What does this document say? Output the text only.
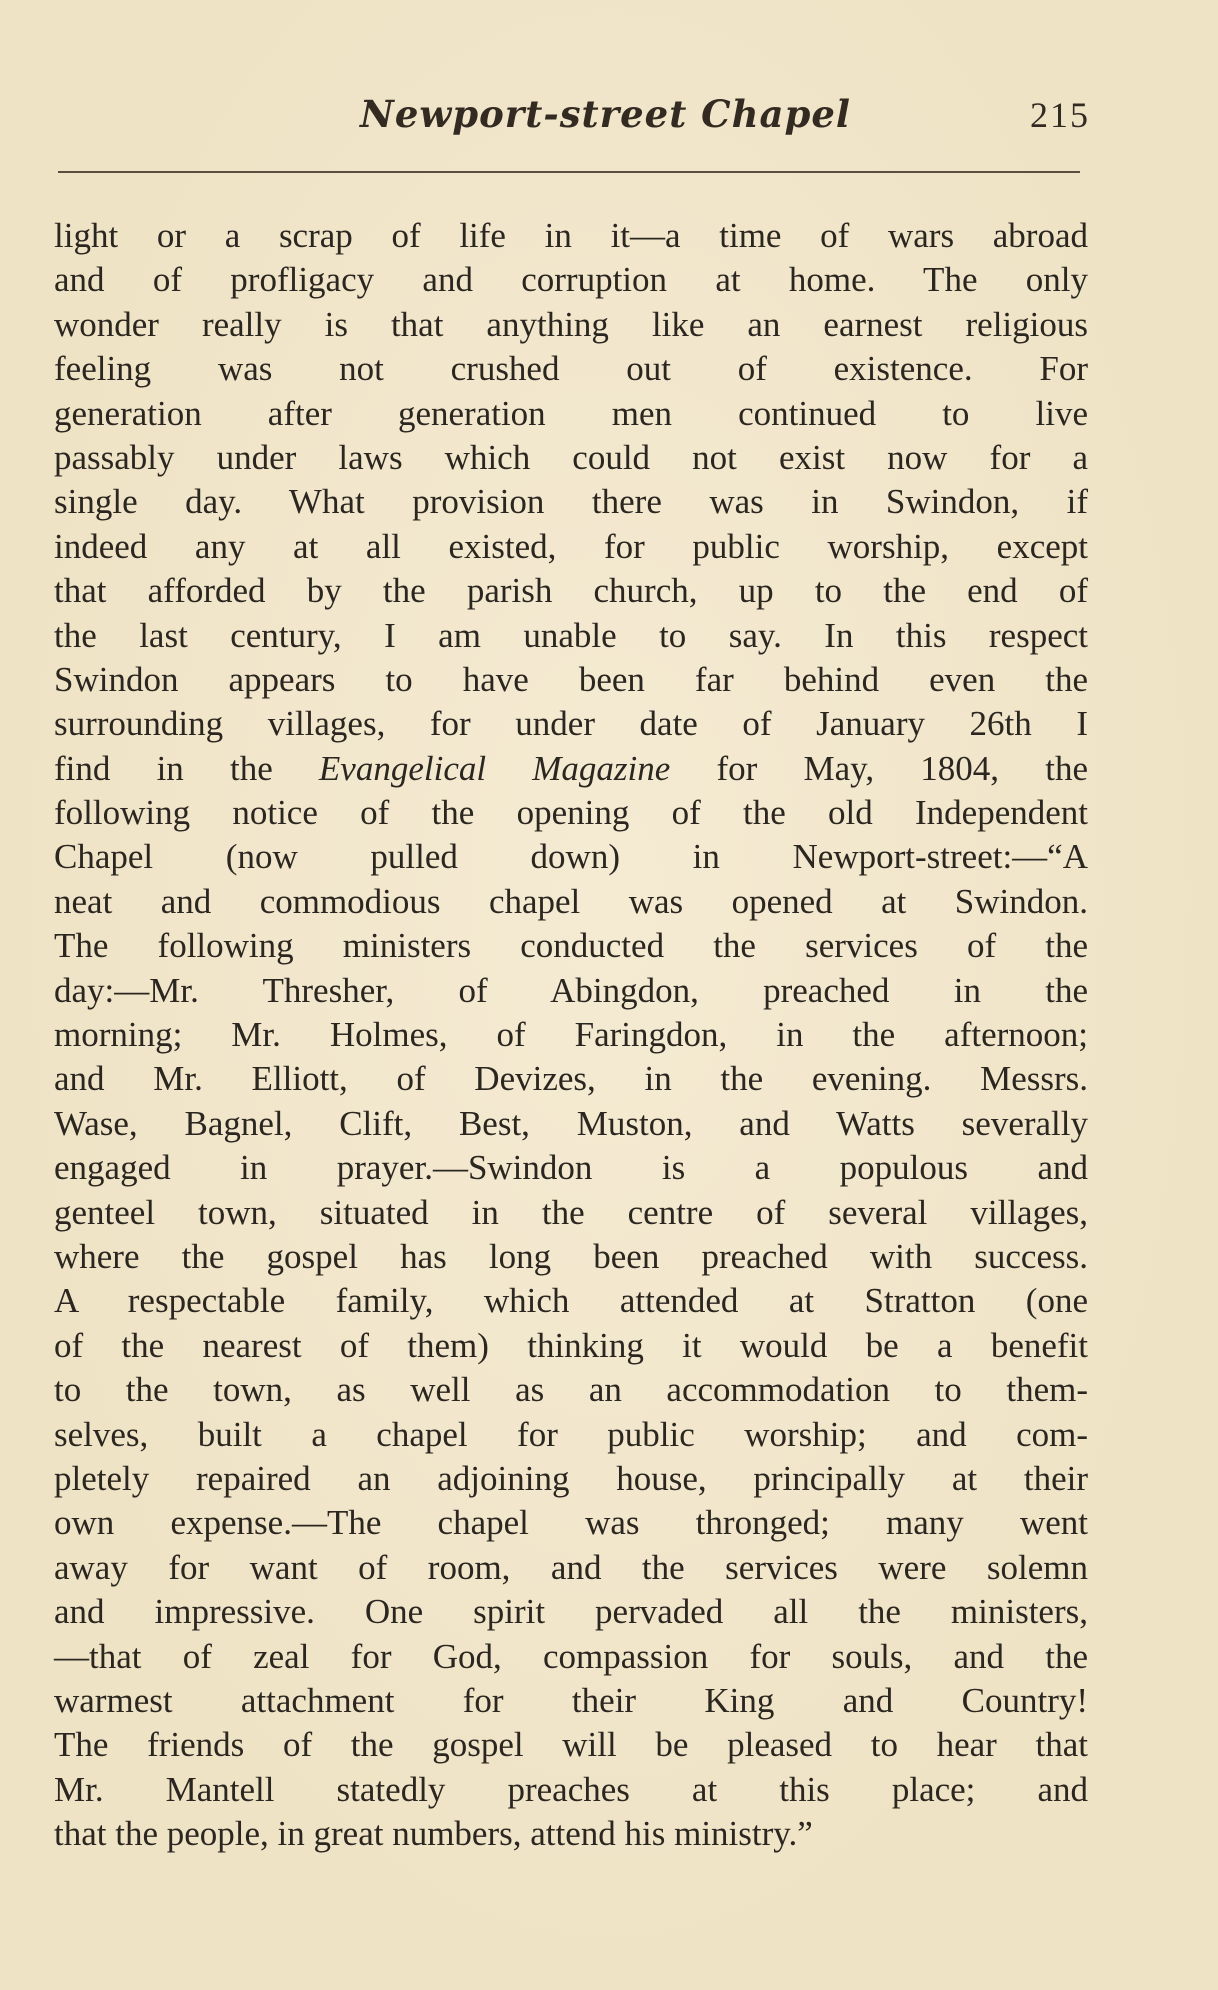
Newport-street Chapel	215
light or a scrap of life in it—a time of wars abroad
and of profligacy and corruption at home. The only
wonder really is that anything like an earnest religious
feeling was not crushed out of existence. For
generation after generation men continued to live
passably under laws which could not exist now for a
single day. What provision there was in Swindon, if
indeed any at all existed, for public worship, except
that afforded by the parish church, up to the end of
the last century, I am unable to say. In this respect
Swindon appears to have been far behind even the
surrounding villages, for under date of January 26th I
find in the Evangelical Magazine for May, 1804, the
following notice of the opening of the old Independent
Chapel (now pulled down) in Newport-street:—“A
neat and commodious chapel was opened at Swindon.
The following ministers conducted the services of the
day:—Mr. Thresher, of Abingdon, preached in the
morning; Mr. Holmes, of Faringdon, in the afternoon;
and Mr. Elliott, of Devizes, in the evening. Messrs.
Wase, Bagnel, Clift, Best, Muston, and Watts severally
engaged in prayer.—Swindon is a populous and
genteel town, situated in the centre of several villages,
where the gospel has long been preached with success.
A respectable family, which attended at Stratton (one
of the nearest of them) thinking it would be a benefit
to the town, as well as an accommodation to them-
selves, built a chapel for public worship; and com-
pletely repaired an adjoining house, principally at their
own expense.—The chapel was thronged; many went
away for want of room, and the services were solemn
and impressive. One spirit pervaded all the ministers,
—that of zeal for God, compassion for souls, and the
warmest attachment for their King and Country!
The friends of the gospel will be pleased to hear that
Mr. Mantell statedly preaches at this place; and
that the people, in great numbers, attend his ministry.”
